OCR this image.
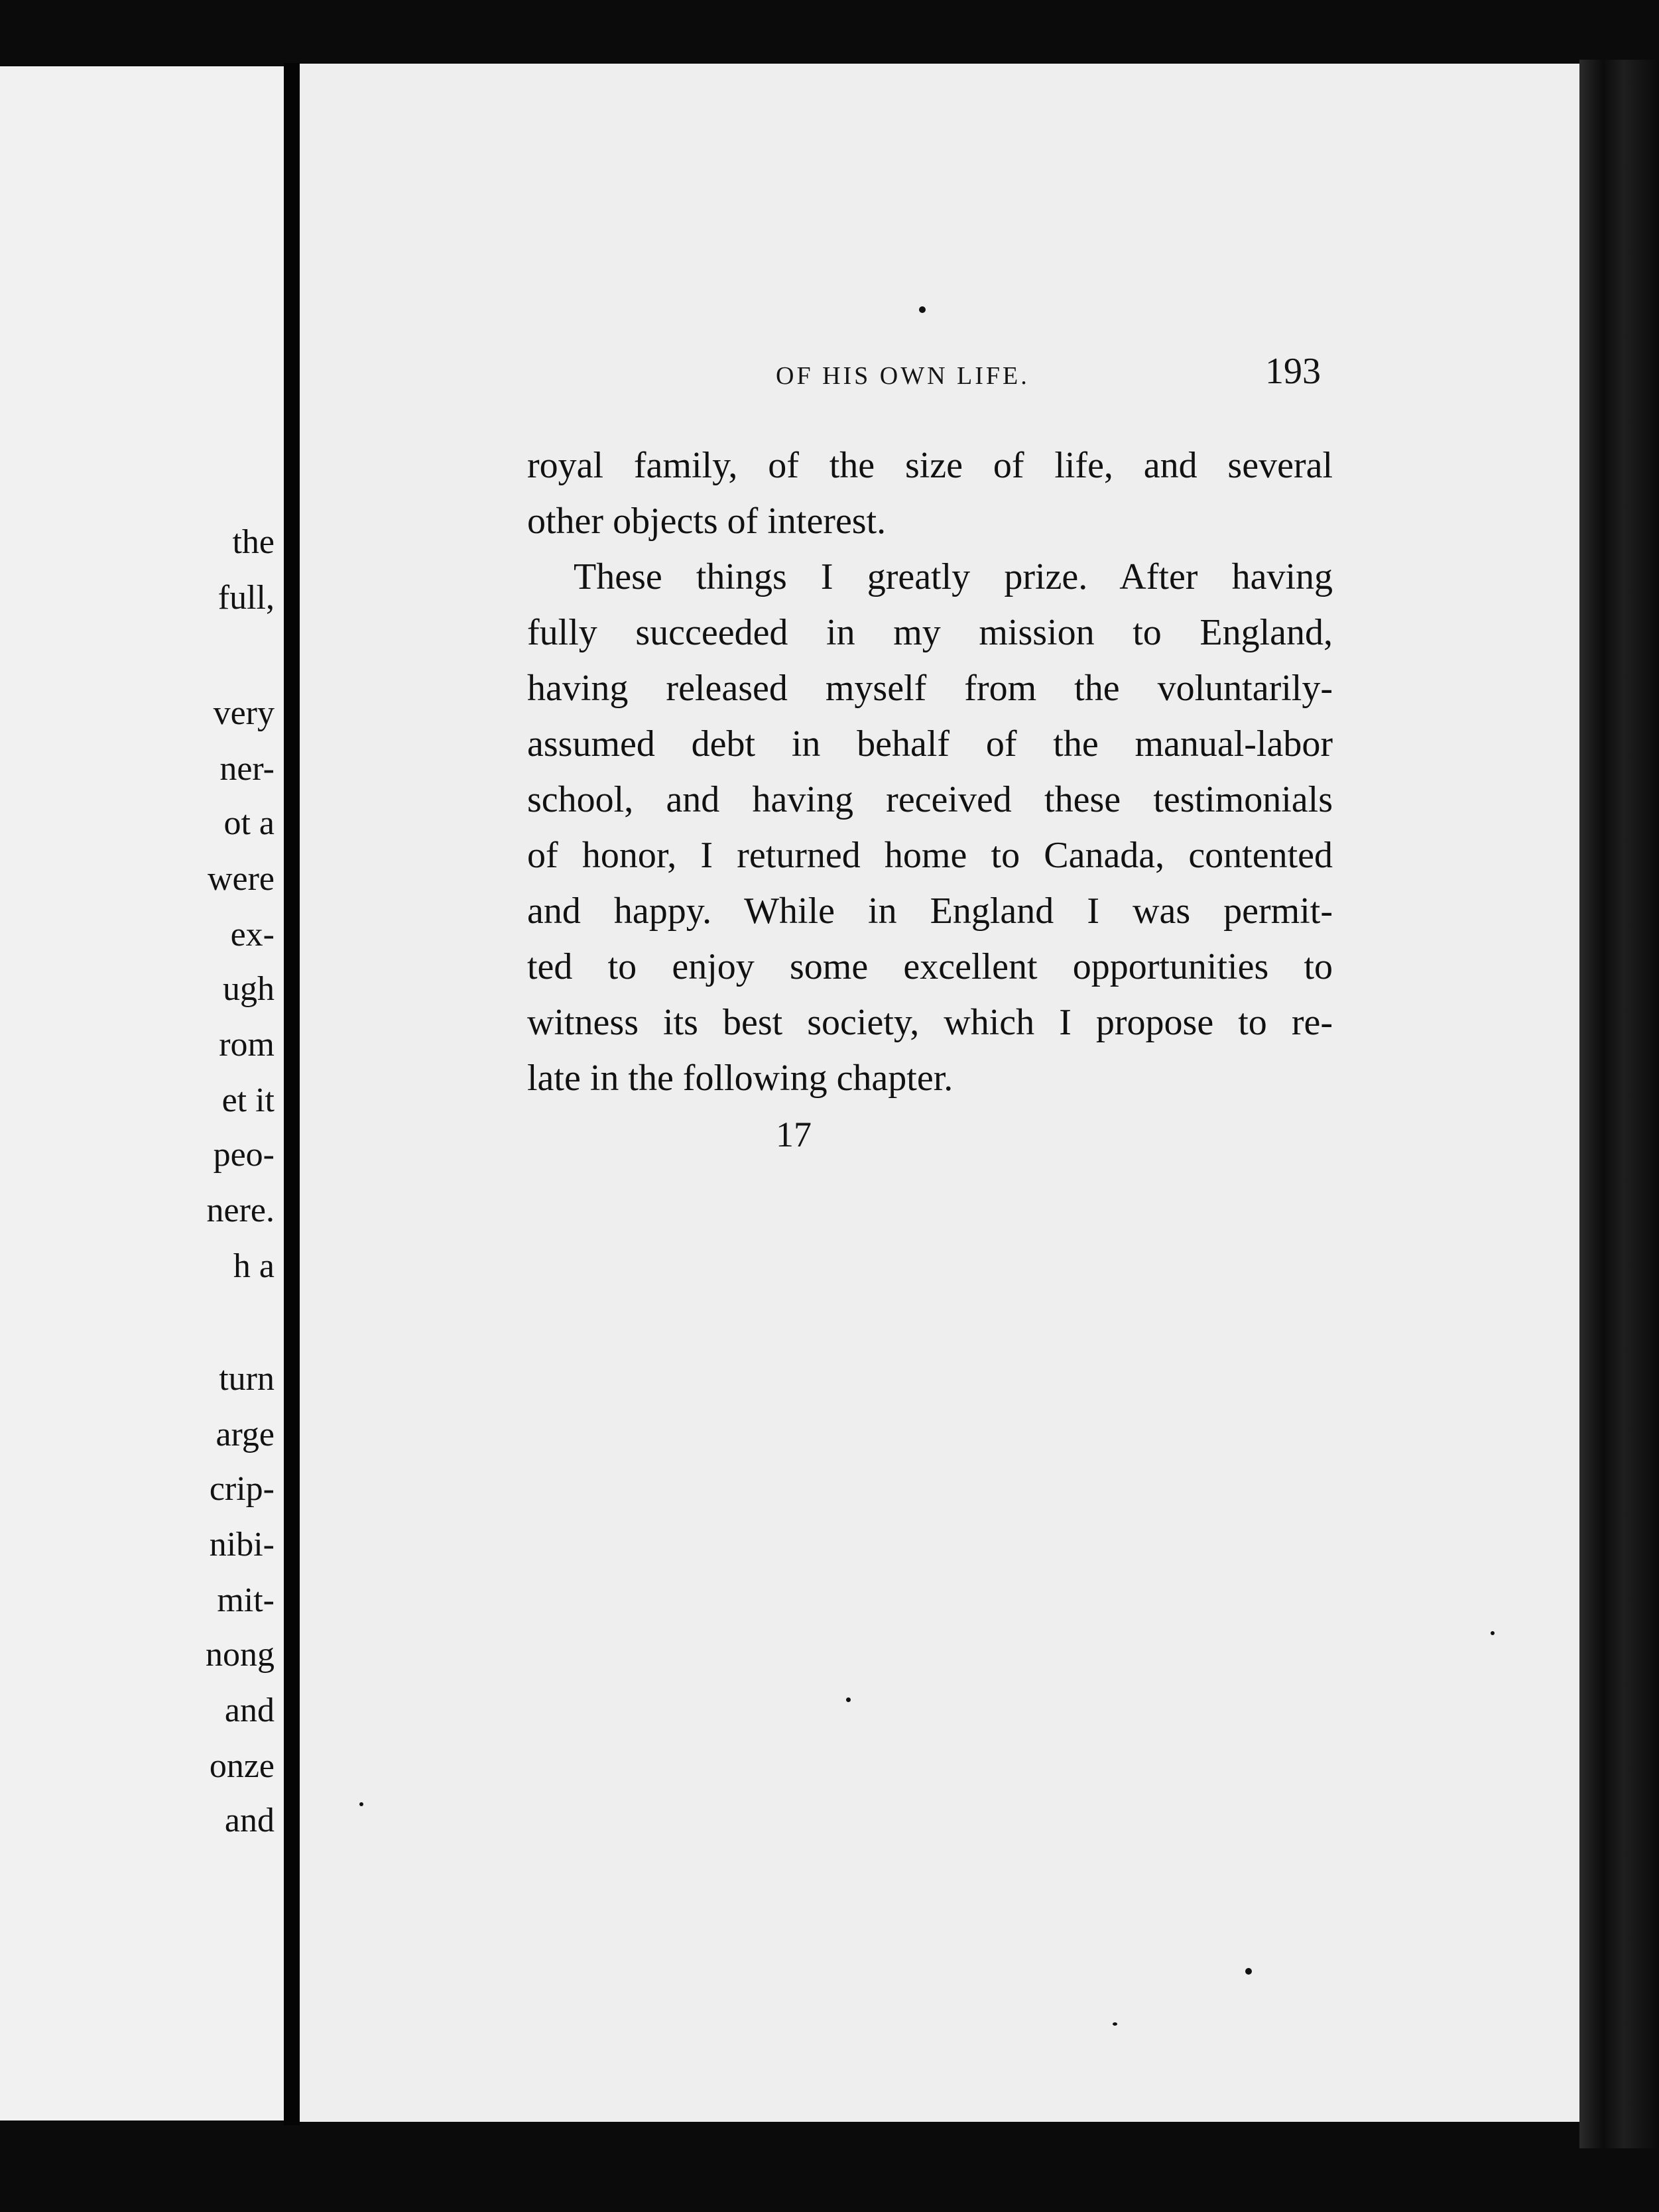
the
full,
very
ner-
ot a
were
ex-
ugh
rom
et it
peo-
nere.
h a
turn
arge
crip-
nibi-
mit-
nong
and
onze
and
OF HIS OWN LIFE.	193
royal family, of the size of life, and several
other objects of interest.
These things I greatly prize. After having
fully succeeded in my mission to England,
having released myself from the voluntarily-
assumed debt in behalf of the manual-labor
school, and having received these testimonials
of honor, I returned home to Canada, contented
and happy. While in England I was permit-
ted to enjoy some excellent opportunities to
witness its best society, which I propose to re-
late in the following chapter.
17
